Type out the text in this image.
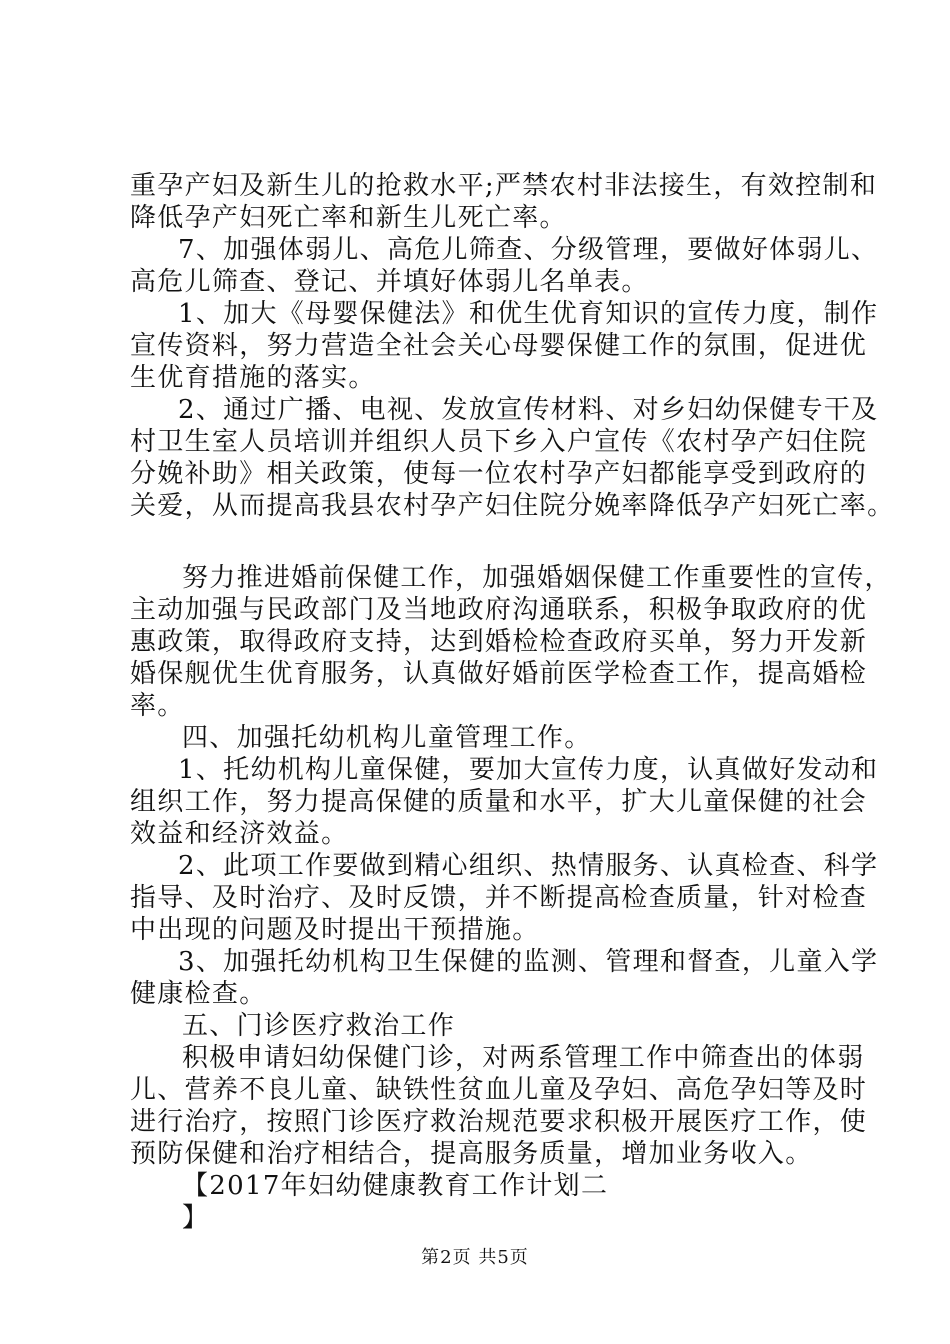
重孕产妇及新生儿的抢救水平;严禁农村非法接生，有效控制和
降低孕产妇死亡率和新生儿死亡率。
7、加强体弱儿、高危儿筛查、分级管理，要做好体弱儿、
高危儿筛查、登记、并填好体弱儿名单表。
1、加大《母婴保健法》和优生优育知识的宣传力度，制作
宣传资料，努力营造全社会关心母婴保健工作的氛围，促进优
生优育措施的落实。
2、通过广播、电视、发放宣传材料、对乡妇幼保健专干及
村卫生室人员培训并组织人员下乡入户宣传《农村孕产妇住院
分娩补助》相关政策，使每一位农村孕产妇都能享受到政府的
关爱，从而提高我县农村孕产妇住院分娩率降低孕产妇死亡率。
努力推进婚前保健工作，加强婚姻保健工作重要性的宣传，
主动加强与民政部门及当地政府沟通联系，积极争取政府的优
惠政策，取得政府支持，达到婚检检查政府买单，努力开发新
婚保舰优生优育服务，认真做好婚前医学检查工作，提高婚检
率。
四、加强托幼机构儿童管理工作。
1、托幼机构儿童保健，要加大宣传力度，认真做好发动和
组织工作，努力提高保健的质量和水平，扩大儿童保健的社会
效益和经济效益。
2、此项工作要做到精心组织、热情服务、认真检查、科学
指导、及时治疗、及时反馈，并不断提高检查质量，针对检查
中出现的问题及时提出干预措施。
3、加强托幼机构卫生保健的监测、管理和督查，儿童入学
健康检查。
五、门诊医疗救治工作
积极申请妇幼保健门诊，对两系管理工作中筛查出的体弱
儿、营养不良儿童、缺铁性贫血儿童及孕妇、高危孕妇等及时
进行治疗，按照门诊医疗救治规范要求积极开展医疗工作，使
预防保健和治疗相结合，提高服务质量，增加业务收入。
【2017年妇幼健康教育工作计划二
】
第2页 共5页
